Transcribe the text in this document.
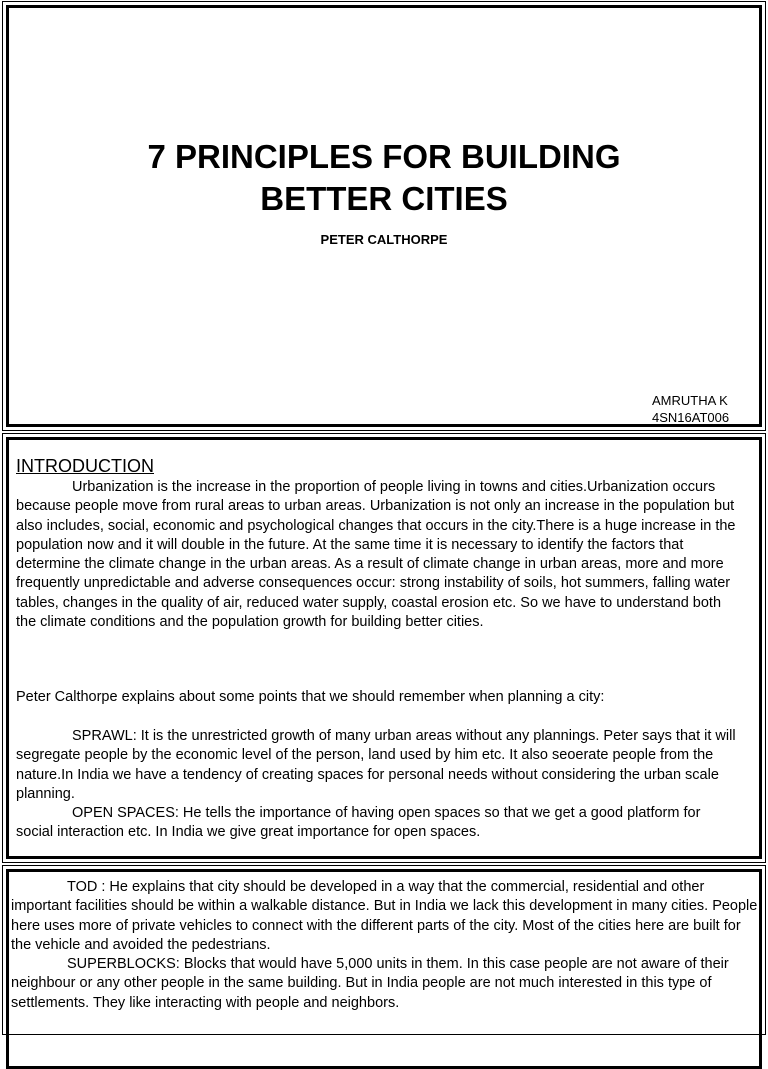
7 PRINCIPLES FOR BUILDING
BETTER CITIES
PETER CALTHORPE
AMRUTHA K
4SN16AT006
INTRODUCTION

Urbanization is the increase in the proportion of people living in towns and cities.Urbanization occurs because people move from rural areas to urban areas. Urbanization is not only an increase in the population but also includes, social, economic and psychological changes that occurs in the city.There is a huge increase in the population now and it will double in the future. At the same time it is necessary to identify the factors that determine the climate change in the urban areas. As a result of climate change in urban areas, more and more frequently unpredictable and adverse consequences occur: strong instability of soils, hot summers, falling water tables, changes in the quality of air, reduced water supply, coastal erosion etc. So we have to understand both the climate conditions and the population growth for building better cities.

Peter Calthorpe explains about some points that we should remember when planning a city:

SPRAWL: It is the unrestricted growth of many urban areas without any plannings. Peter says that it will segregate people by the economic level of the person, land used by him etc. It also seoerate people from the nature.In India we have a tendency of creating spaces for personal needs without considering the urban scale planning.

OPEN SPACES: He tells the importance of having open spaces so that we get a good platform for social interaction etc. In India we give great importance for open spaces.

TOD : He explains that city should be developed in a way that the commercial, residential and other important facilities should be within a walkable distance. But in India we lack this development in many cities. People here uses more of private vehicles to connect with the different parts of the city. Most of the cities here are built for the vehicle and avoided the pedestrians.

SUPERBLOCKS: Blocks that would have 5,000 units in them. In this case people are not aware of their neighbour or any other people in the same building. But in India people are not much interested in this type of settlements. They like interacting with people and neighbors.
